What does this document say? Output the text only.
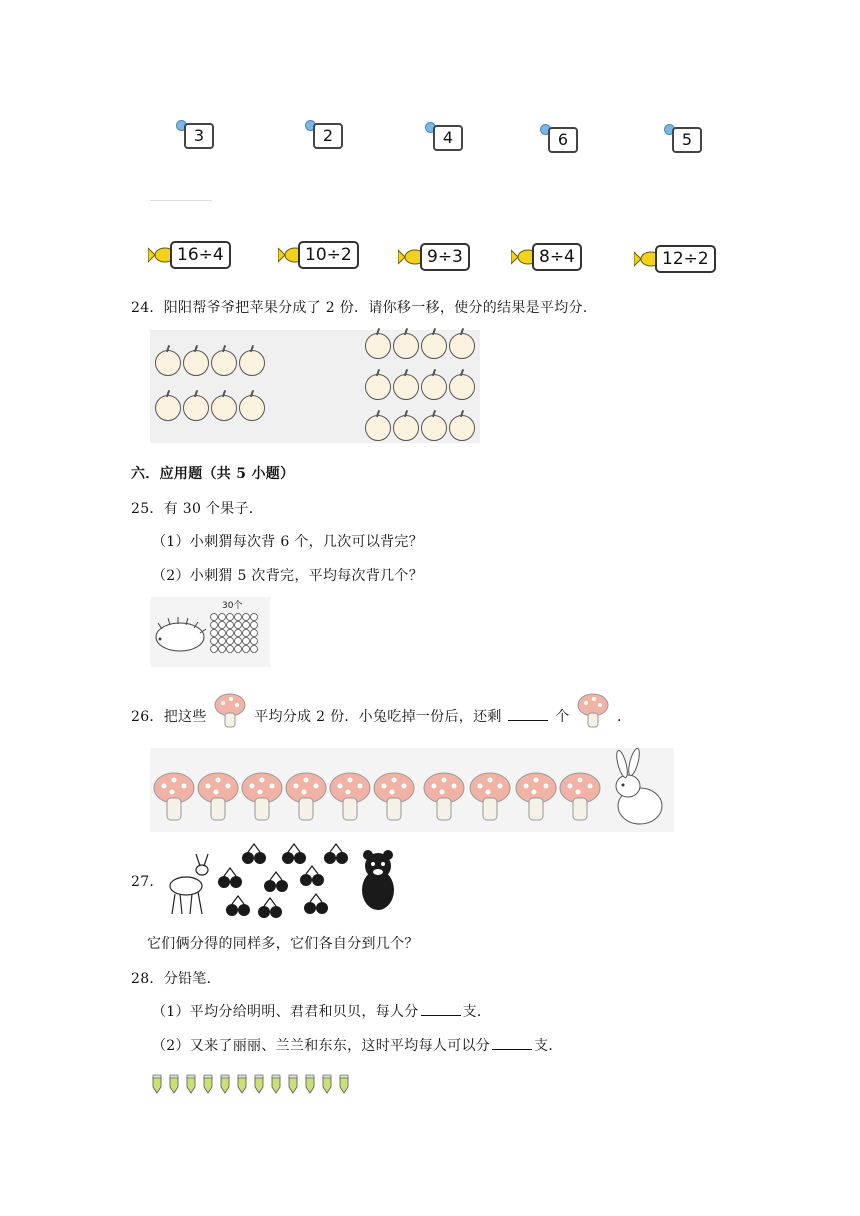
3	2	4	6	5
16÷4	10÷2	9÷3	8÷4	12÷2
24．阳阳帮爷爷把苹果分成了 2 份．请你移一移，使分的结果是平均分．
六．应用题（共 5 小题）
25．有 30 个果子．
（1）小刺猬每次背 6 个，几次可以背完？
（2）小刺猬 5 次背完，平均每次背几个？
30个
26．把这些	平均分成 2 份．小兔吃掉一份后，还剩	个	．
27.
它们俩分得的同样多，它们各自分到几个？
28．分铅笔．
（1）平均分给明明、君君和贝贝，每人分	支．
（2）又来了丽丽、兰兰和东东，这时平均每人可以分	支．
